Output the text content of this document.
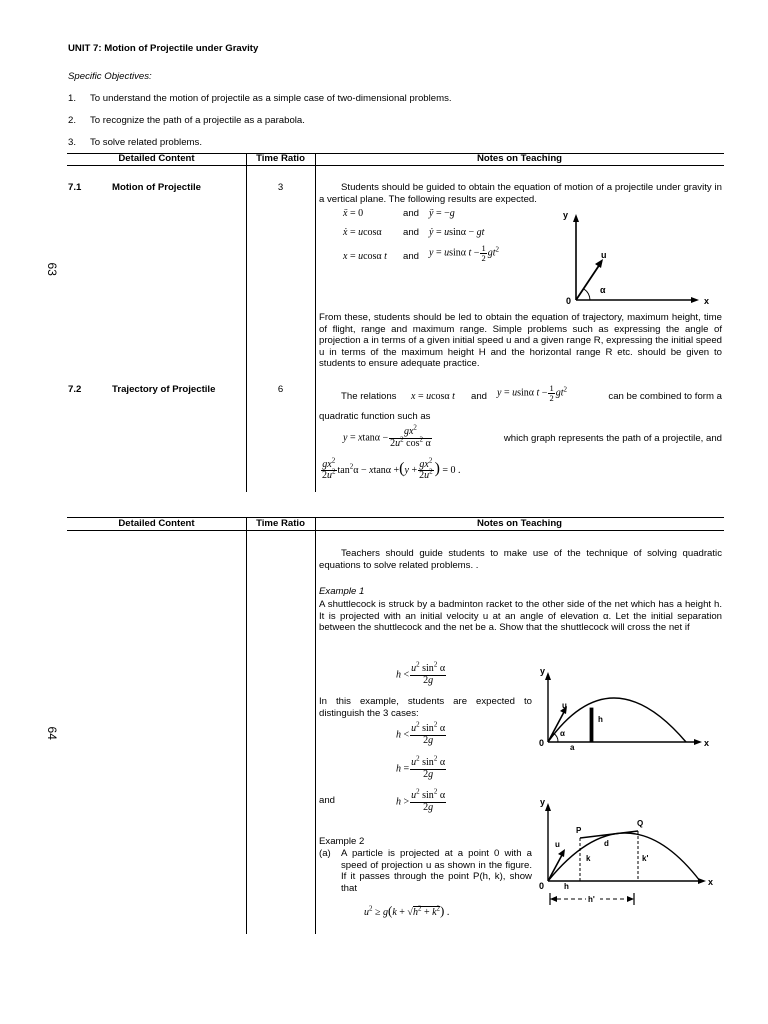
UNIT 7: Motion of Projectile under Gravity
Specific Objectives:
1. To understand the motion of projectile as a simple case of two-dimensional problems.
2. To recognize the path of a projectile as a parabola.
3. To solve related problems.
Detailed Content	Time Ratio	Notes on Teaching
63
7.1	Motion of Projectile	3	Students should be guided to obtain the equation of motion of a projectile under gravity in a vertical plane. The following results are expected.
ẍ = 0	and ÿ = −g
ẋ = ucosα and ẏ = usinα − gt
x = ucosα t and y = usinα $t - \frac{1}{2} gt^2$
y
u
α
0	x
From these, students should be led to obtain the equation of trajectory, maximum height, time of flight, range and maximum range. Simple problems such as expressing the angle of projection a in terms of a given initial speed u and a given range R, expressing the initial speed u in terms of the maximum height H and the horizontal range R etc. should be given to students to ensure adequate practice.
7.2	Trajectory of Projectile	6
The relations x = ucosα t and y = usinα $t - \frac{1}{2} gt^2$
can be combined to form a
quadratic function such as
$y = xtan\alpha - \frac{gx^2}{2u^2 \cos^2 \alpha}$	which graph represents the path of a projectile, and
$\frac{gx^2}{2u^2} \tan^2\alpha - xtan\alpha +(y + \frac{gx^2}{2u^2}$ ) = 0 .
Detailed Content	Time Ratio	Notes on Teaching
64
Teachers should guide students to make use of the technique of solving quadratic equations to solve related problems. .
Example 1
A shuttlecock is struck by a badminton racket to the other side of the net which has a height h. It is projected with an initial velocity u at an angle of elevation α. Let the initial separation between the shuttlecock and the net be a. Show that the shuttlecock will cross the net if
$h < \frac{u^2 \sin^2 \alpha}{2g}$
In this example, students are expected to distinguish the 3 cases:
$h < \frac{u^2 \sin^2 \alpha}{2g}$
$h = \frac{u^2 \sin^2 \alpha}{2g}$
and	$h > \frac{u^2 \sin^2 \alpha}{2g}$
y
u
α
h
0	a	x
Example 2
(a) A particle is projected at a point 0 with a speed of projection u as shown in the figure. If it passes through the point P(h, k), show that
$u^2 \ge g(k + √h^2 + k^2)$ .
y
P
Q
d
u
k	k'
0 h	x
h'
